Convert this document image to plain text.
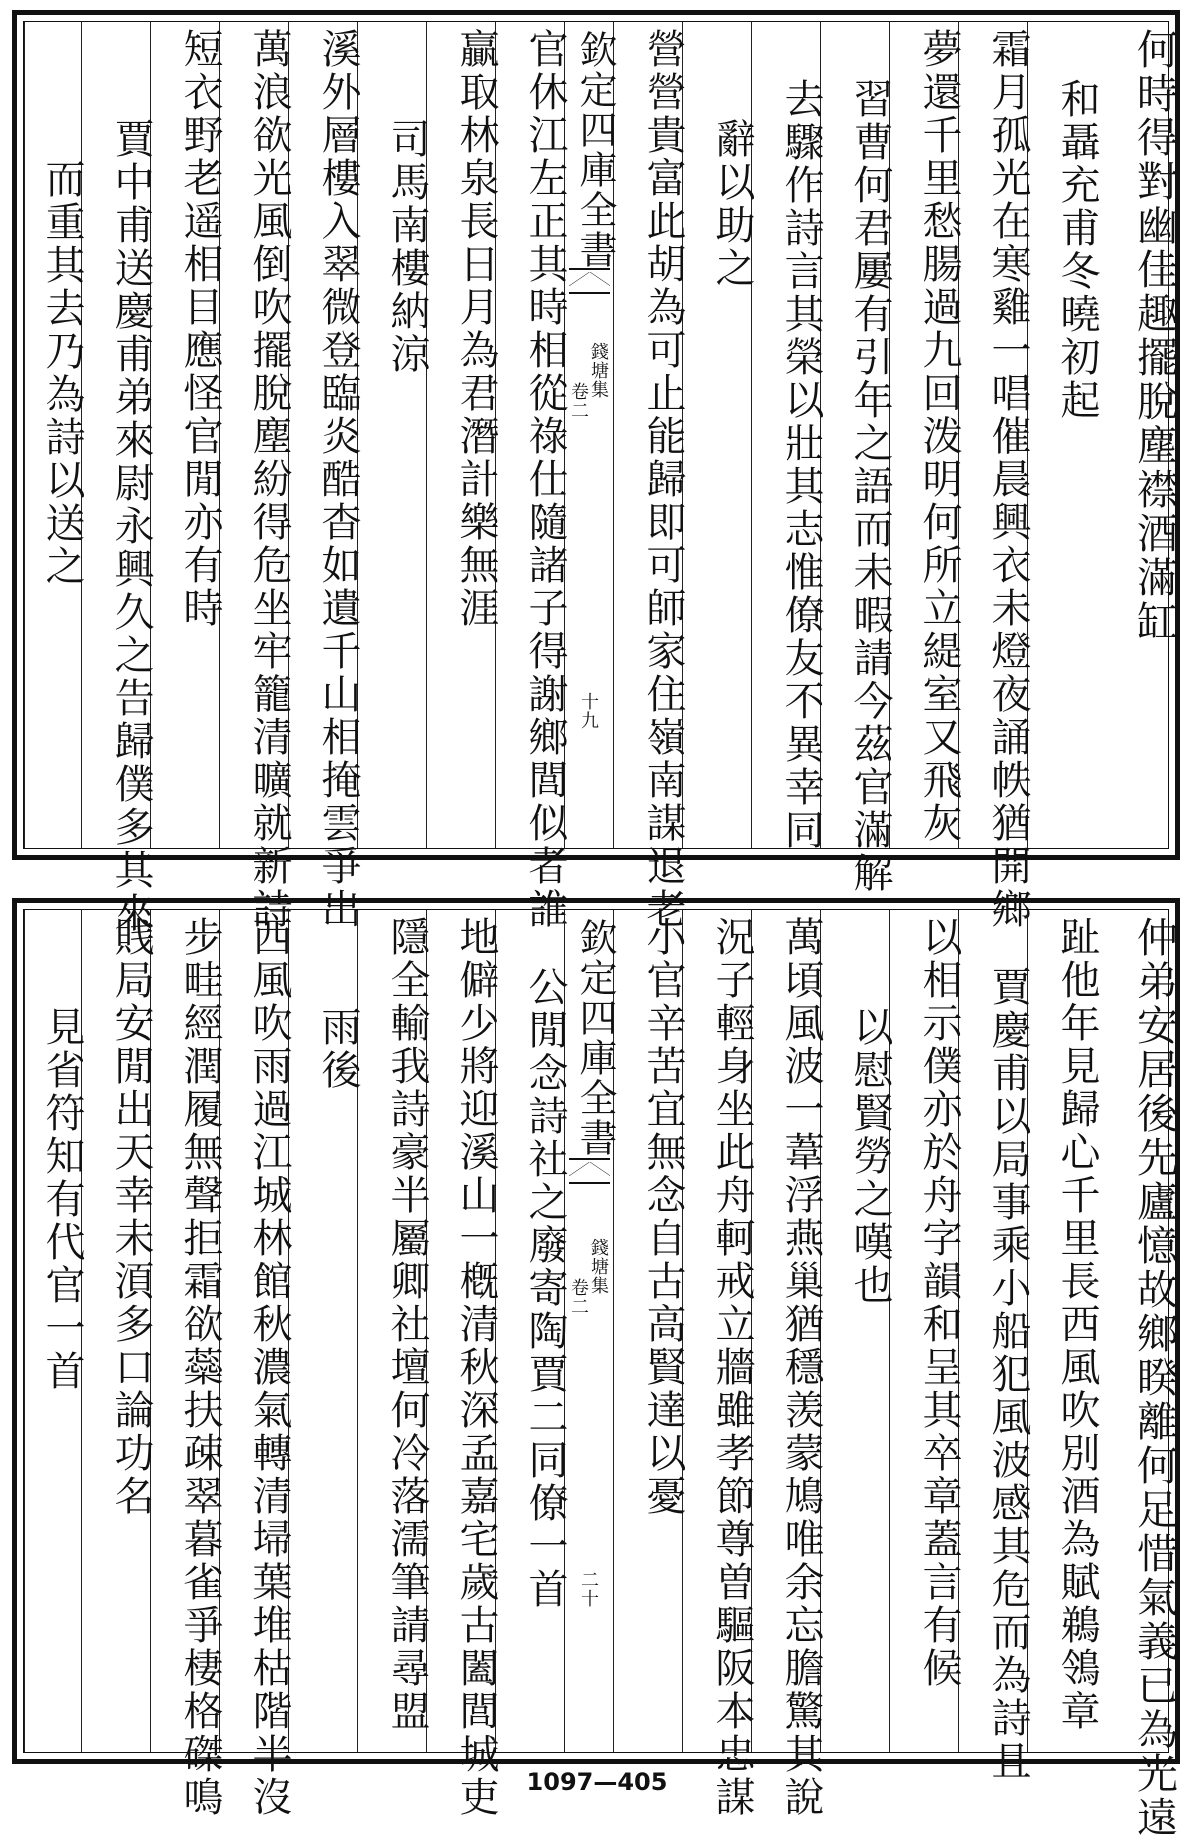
何時得對幽佳趣擺脫塵襟酒滿缸
和聶充甫冬曉初起
霜月孤光在寒雞一唱催晨興衣未燈夜誦帙猶開鄉
夢還千里愁腸過九回泼明何所立緹室又飛灰
習曹何君屢有引年之語而未暇請今茲官滿解
去驟作詩言其榮以壯其志惟僚友不異幸同
辭以助之
營營貴富此胡為可止能歸即可師家住嶺南謀退老
欽定四庫全書
錢塘集
卷二
十九
官休江左正其時相從祿仕隨諸子得謝鄉閭似者誰
贏取林泉長日月為君潛計樂無涯
司馬南樓納涼
溪外層樓入翠微登臨炎酷杳如遺千山相掩雲爭出
萬浪欲光風倒吹擺脫塵紛得危坐牢籠清曠就新詩
短衣野老遥相目應怪官閒亦有時
賈中甫送慶甫弟來尉永興久之告歸僕多其來
而重其去乃為詩以送之
仲弟安居後先廬憶故鄉睽離何足惜氣義已為光遠
趾他年見歸心千里長西風吹別酒為賦鵜鴒章
賈慶甫以局事乘小船犯風波感其危而為詩且
以相示僕亦於舟字韻和呈其卒章蓋言有候
以慰賢勞之嘆也
萬頃風波一葦浮燕巢猶穩羡蒙鳩唯余忘膽驚其說
況子輕身坐此舟軻戒立牆雖孝節尊曽驅阪本忠謀
小官辛苦宜無念自古高賢達以憂
欽定四庫全書
錢塘集
卷二
二十
公閒念詩社之廢寄陶賈二同僚一首
地僻少將迎溪山一槪清秋深孟嘉宅歲古闔閭城吏
隱全輸我詩豪半屬卿社壇何冷落濡筆請尋盟
雨後
西風吹雨過江城林館秋濃氣轉清埽葉堆枯階半沒
步畦經潤履無聲拒霜欲蘂扶疎翠暮雀爭棲格磔鳴
賎局安閒出天幸未湏多口論功名
見省符知有代官一首
1097—405
